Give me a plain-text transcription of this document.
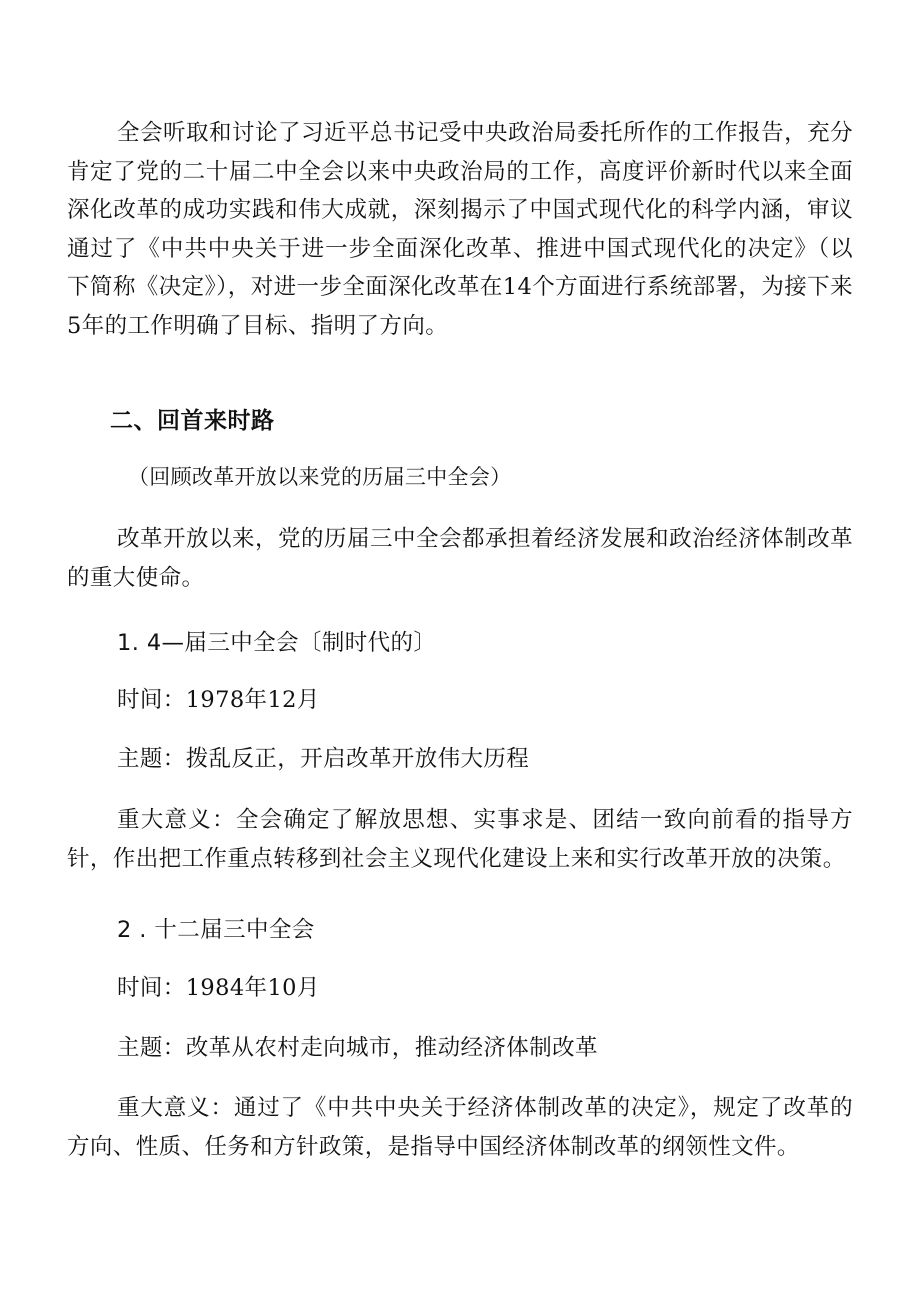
全会听取和讨论了习近平总书记受中央政治局委托所作的工作报告，充分肯定了党的二十届二中全会以来中央政治局的工作，高度评价新时代以来全面深化改革的成功实践和伟大成就，深刻揭示了中国式现代化的科学内涵，审议通过了《中共中央关于进一步全面深化改革、推进中国式现代化的决定》（以下简称《决定》），对进一步全面深化改革在14个方面进行系统部署，为接下来5年的工作明确了目标、指明了方向。

二、回首来时路

（回顾改革开放以来党的历届三中全会）

改革开放以来，党的历届三中全会都承担着经济发展和政治经济体制改革的重大使命。

1. 4—届三中全会〔制时代的〕

时间：1978年12月

主题：拨乱反正，开启改革开放伟大历程

重大意义：全会确定了解放思想、实事求是、团结一致向前看的指导方针，作出把工作重点转移到社会主义现代化建设上来和实行改革开放的决策。

2 . 十二届三中全会

时间：1984年10月

主题：改革从农村走向城市，推动经济体制改革

重大意义：通过了《中共中央关于经济体制改革的决定》，规定了改革的方向、性质、任务和方针政策，是指导中国经济体制改革的纲领性文件。
